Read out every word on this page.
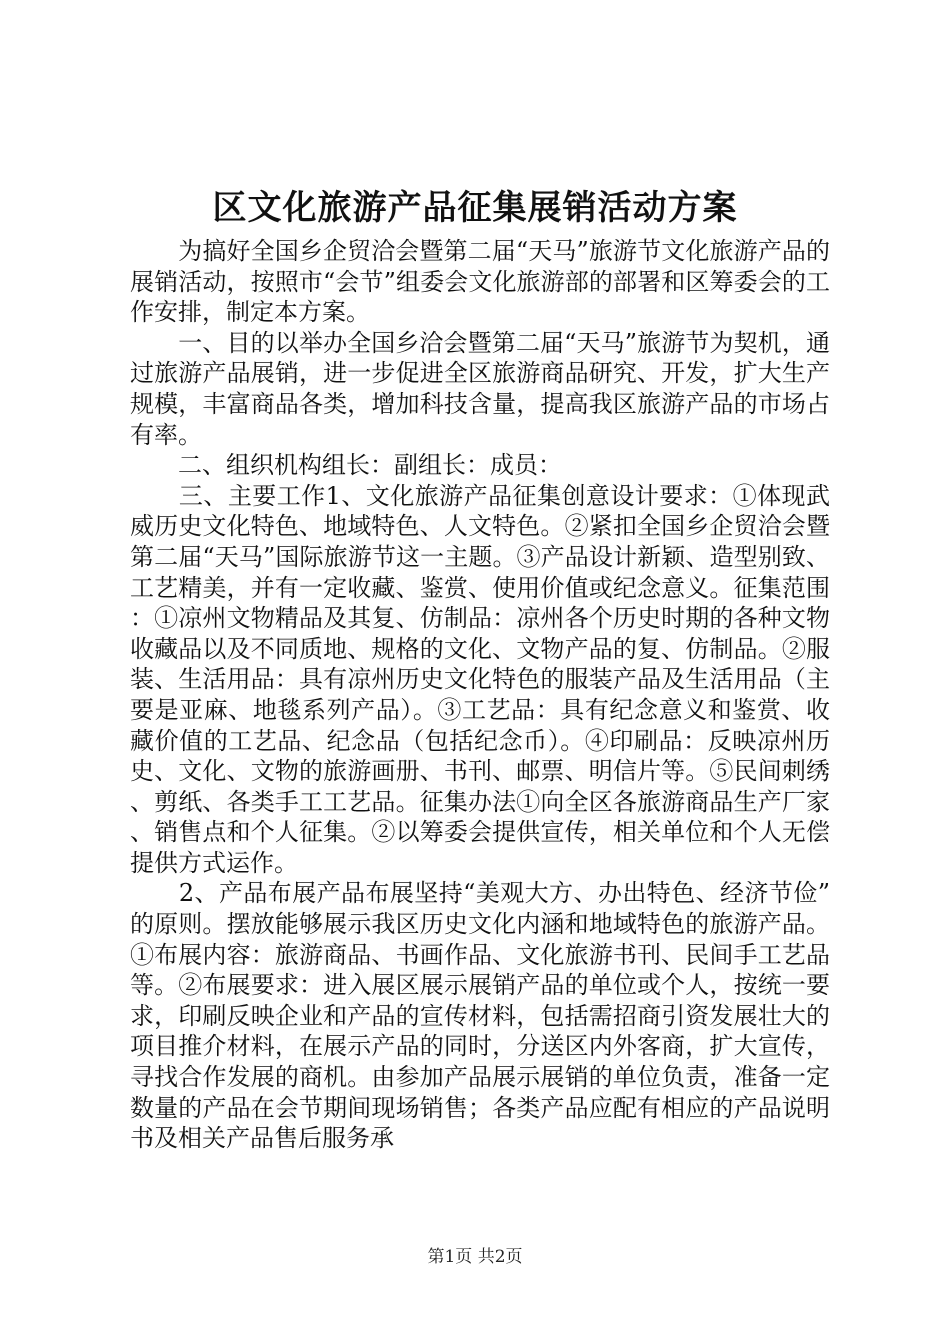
区文化旅游产品征集展销活动方案

　　为搞好全国乡企贸洽会暨第二届“天马”旅游节文化旅游产品的展销活动，按照市“会节”组委会文化旅游部的部署和区筹委会的工作安排，制定本方案。

　　一、目的以举办全国乡洽会暨第二届“天马”旅游节为契机，通过旅游产品展销，进一步促进全区旅游商品研究、开发，扩大生产规模，丰富商品各类，增加科技含量，提高我区旅游产品的市场占有率。

　　二、组织机构组长：副组长：成员：

　　三、主要工作1、文化旅游产品征集创意设计要求：①体现武威历史文化特色、地域特色、人文特色。②紧扣全国乡企贸洽会暨第二届“天马”国际旅游节这一主题。③产品设计新颖、造型别致、工艺精美，并有一定收藏、鉴赏、使用价值或纪念意义。征集范围：①凉州文物精品及其复、仿制品：凉州各个历史时期的各种文物收藏品以及不同质地、规格的文化、文物产品的复、仿制品。②服装、生活用品：具有凉州历史文化特色的服装产品及生活用品（主要是亚麻、地毯系列产品）。③工艺品：具有纪念意义和鉴赏、收藏价值的工艺品、纪念品（包括纪念币）。④印刷品：反映凉州历史、文化、文物的旅游画册、书刊、邮票、明信片等。⑤民间刺绣、剪纸、各类手工工艺品。征集办法①向全区各旅游商品生产厂家、销售点和个人征集。②以筹委会提供宣传，相关单位和个人无偿提供方式运作。

　　2、产品布展产品布展坚持“美观大方、办出特色、经济节俭”的原则。摆放能够展示我区历史文化内涵和地域特色的旅游产品。①布展内容：旅游商品、书画作品、文化旅游书刊、民间手工艺品等。②布展要求：进入展区展示展销产品的单位或个人，按统一要求，印刷反映企业和产品的宣传材料，包括需招商引资发展壮大的项目推介材料，在展示产品的同时，分送区内外客商，扩大宣传，寻找合作发展的商机。由参加产品展示展销的单位负责，准备一定数量的产品在会节期间现场销售；各类产品应配有相应的产品说明书及相关产品售后服务承

第1页 共2页
